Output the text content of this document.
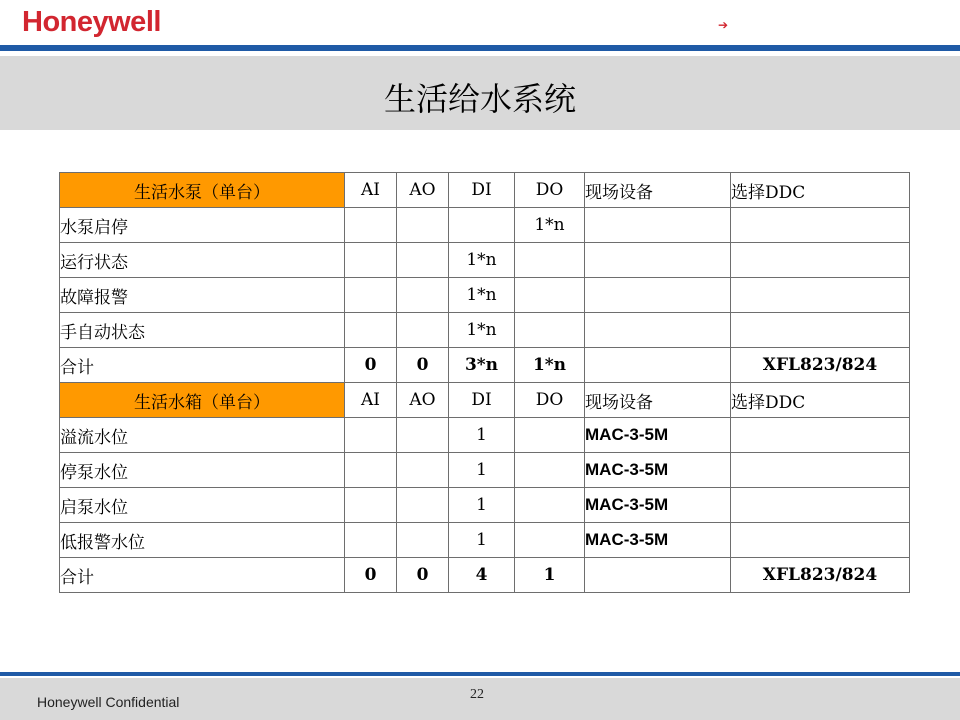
Honeywell	➔
生活给水系统
生活水泵（单台）	AI	AO	DI	DO	现场设备	选择DDC
水泵启停				1*n		
运行状态			1*n			
故障报警			1*n			
手自动状态			1*n			
合计	0	0	3*n	1*n		XFL823/824
生活水箱（单台）	AI	AO	DI	DO	现场设备	选择DDC
溢流水位			1		MAC-3-5M	
停泵水位			1		MAC-3-5M	
启泵水位			1		MAC-3-5M	
低报警水位			1		MAC-3-5M	
合计	0	0	4	1		XFL823/824
Honeywell Confidential	22
